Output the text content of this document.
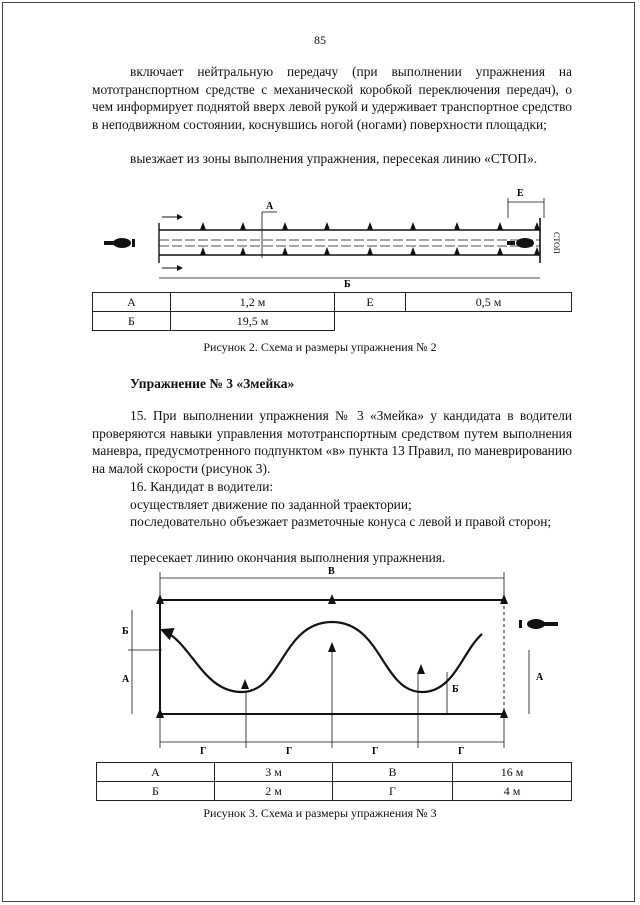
85
включает нейтральную передачу (при выполнении упражнения на мототранспортном средстве с механической коробкой переключения передач), о чем информирует поднятой вверх левой рукой и удерживает транспортное средство в неподвижном состоянии, коснувшись ногой (ногами) поверхности площадки;
выезжает из зоны выполнения упражнения, пересекая линию «СТОП».
Е
А
СТОП
Б
А	1,2 м	Е	0,5 м
Б	19,5 м		
Рисунок 2. Схема и размеры упражнения № 2
Упражнение № 3 «Змейка»
15. При выполнении упражнения № 3 «Змейка» у кандидата в водители проверяются навыки управления мототранспортным средством путем выполнения маневра, предусмотренного подпунктом «в» пункта 13 Правил, по маневрированию на малой скорости (рисунок 3).
16. Кандидат в водители:
осуществляет движение по заданной траектории;
последовательно объезжает разметочные конуса с левой и правой сторон;
пересекает линию окончания выполнения упражнения.
В
Б
А	А
Б
Г	Г	Г	Г
А	3 м	В	16 м
Б	2 м	Г	4 м
Рисунок 3. Схема и размеры упражнения № 3
